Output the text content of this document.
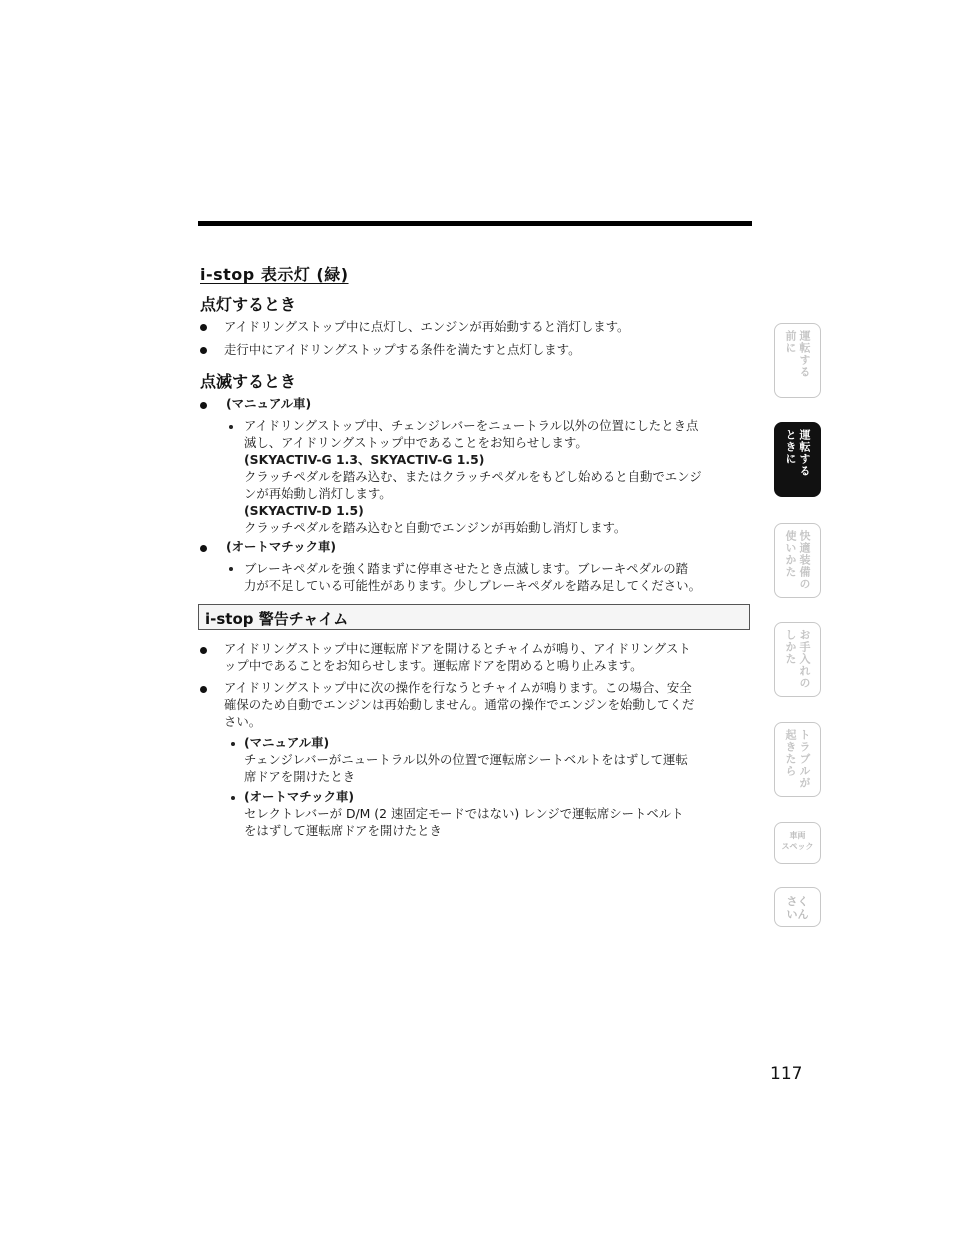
i-stop 表示灯 (緑)
点灯するとき
アイドリングストップ中に点灯し、エンジンが再始動すると消灯します。
走行中にアイドリングストップする条件を満たすと点灯します。
点滅するとき
(マニュアル車)
アイドリングストップ中、チェンジレバーをニュートラル以外の位置にしたとき点
滅し、アイドリングストップ中であることをお知らせします。
(SKYACTIV-G 1.3、SKYACTIV-G 1.5)
クラッチペダルを踏み込む、またはクラッチペダルをもどし始めると自動でエンジ
ンが再始動し消灯します。
(SKYACTIV-D 1.5)
クラッチペダルを踏み込むと自動でエンジンが再始動し消灯します。
(オートマチック車)
ブレーキペダルを強く踏まずに停車させたとき点滅します。ブレーキペダルの踏
力が不足している可能性があります。少しブレーキペダルを踏み足してください。
i-stop 警告チャイム
アイドリングストップ中に運転席ドアを開けるとチャイムが鳴り、アイドリングスト
ップ中であることをお知らせします。運転席ドアを閉めると鳴り止みます。
アイドリングストップ中に次の操作を行なうとチャイムが鳴ります。この場合、安全
確保のため自動でエンジンは再始動しません。通常の操作でエンジンを始動してくだ
さい。
(マニュアル車)
チェンジレバーがニュートラル以外の位置で運転席シートベルトをはずして運転
席ドアを開けたとき
(オートマチック車)
セレクトレバーが D/M (2 速固定モードではない) レンジで運転席シートベルト
をはずして運転席ドアを開けたとき
運転する
前に
運転する
ときに
快適装備の
使いかた
お手入れの
しかた
トラブルが
起きたら
車両
スペック
さく
いん
117
